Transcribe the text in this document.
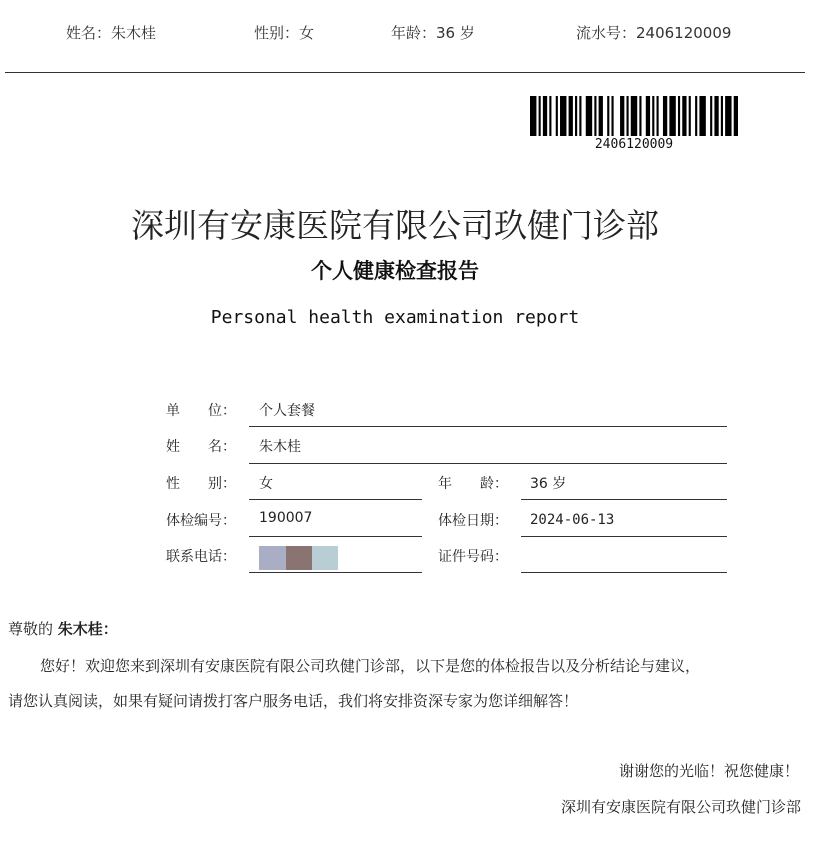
姓名：朱木桂	性别：女	年龄：36 岁	流水号：2406120009
2406120009
深圳有安康医院有限公司玖健门诊部
个人健康检查报告
Personal health examination report
单　　位： 个人套餐
姓　　名： 朱木桂
性　　别： 女	年　　龄： 36 岁
体检编号： 190007	体检日期： 2024-06-13
联系电话：	证件号码：
尊敬的 朱木桂：
您好！欢迎您来到深圳有安康医院有限公司玖健门诊部，以下是您的体检报告以及分析结论与建议，
请您认真阅读，如果有疑问请拨打客户服务电话，我们将安排资深专家为您详细解答！
谢谢您的光临！祝您健康！
深圳有安康医院有限公司玖健门诊部
